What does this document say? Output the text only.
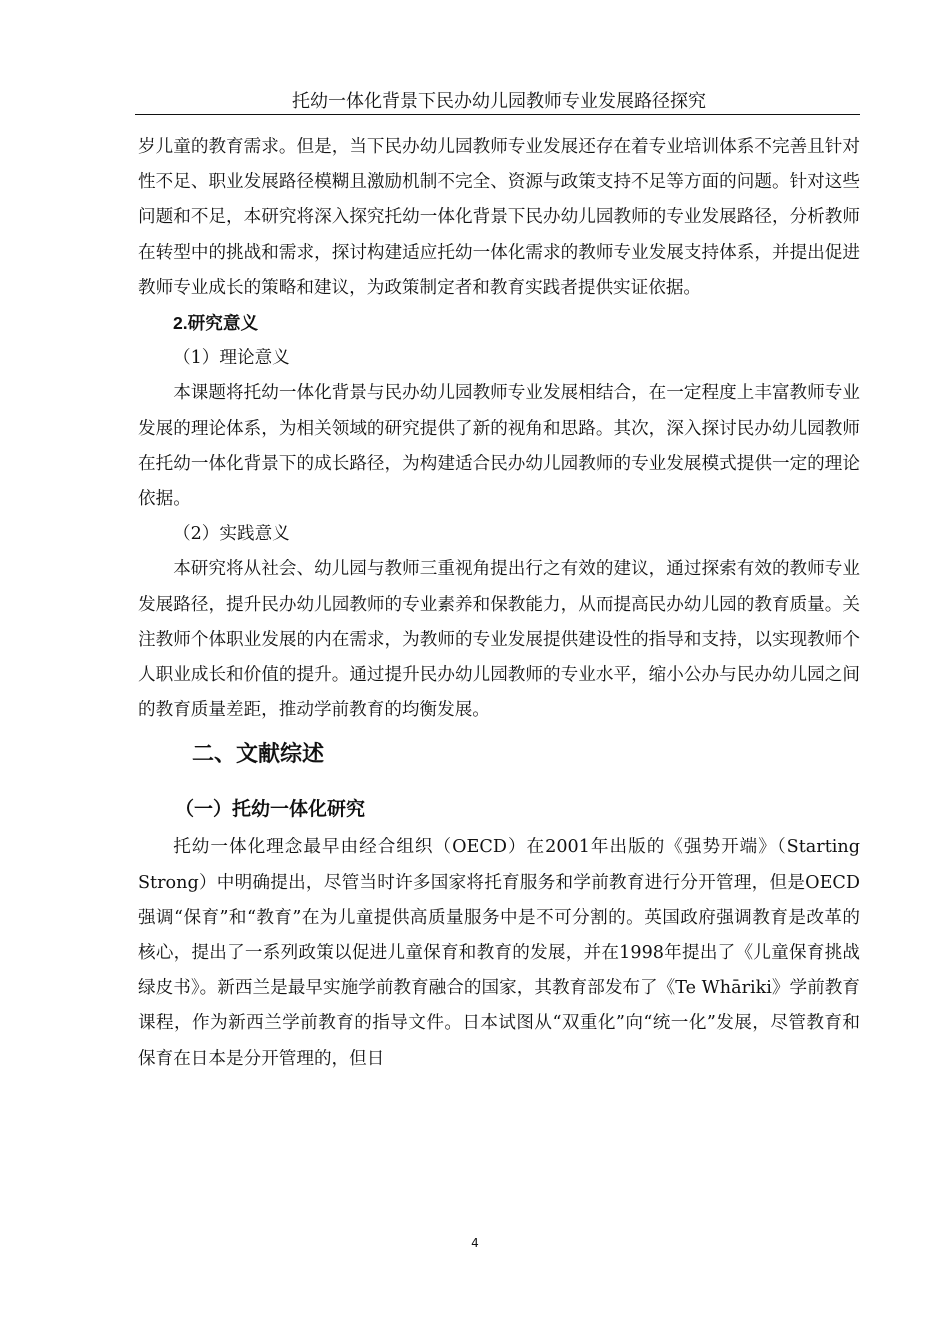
托幼一体化背景下民办幼儿园教师专业发展路径探究

岁儿童的教育需求。但是，当下民办幼儿园教师专业发展还存在着专业培训体系不完善且针对性不足、职业发展路径模糊且激励机制不完全、资源与政策支持不足等方面的问题。针对这些问题和不足，本研究将深入探究托幼一体化背景下民办幼儿园教师的专业发展路径，分析教师在转型中的挑战和需求，探讨构建适应托幼一体化需求的教师专业发展支持体系，并提出促进教师专业成长的策略和建议，为政策制定者和教育实践者提供实证依据。

2.研究意义

（1）理论意义

本课题将托幼一体化背景与民办幼儿园教师专业发展相结合，在一定程度上丰富教师专业发展的理论体系，为相关领域的研究提供了新的视角和思路。其次，深入探讨民办幼儿园教师在托幼一体化背景下的成长路径，为构建适合民办幼儿园教师的专业发展模式提供一定的理论依据。

（2）实践意义

本研究将从社会、幼儿园与教师三重视角提出行之有效的建议，通过探索有效的教师专业发展路径，提升民办幼儿园教师的专业素养和保教能力，从而提高民办幼儿园的教育质量。关注教师个体职业发展的内在需求，为教师的专业发展提供建设性的指导和支持，以实现教师个人职业成长和价值的提升。通过提升民办幼儿园教师的专业水平，缩小公办与民办幼儿园之间的教育质量差距，推动学前教育的均衡发展。

二、文献综述
（一）托幼一体化研究

托幼一体化理念最早由经合组织（OECD）在2001年出版的《强势开端》（Starting Strong）中明确提出，尽管当时许多国家将托育服务和学前教育进行分开管理，但是OECD强调“保育”和“教育”在为儿童提供高质量服务中是不可分割的。英国政府强调教育是改革的核心，提出了一系列政策以促进儿童保育和教育的发展，并在1998年提出了《儿童保育挑战绿皮书》。新西兰是最早实施学前教育融合的国家，其教育部发布了《Te Whāriki》学前教育课程，作为新西兰学前教育的指导文件。日本试图从“双重化”向“统一化”发展，尽管教育和保育在日本是分开管理的，但日

4
